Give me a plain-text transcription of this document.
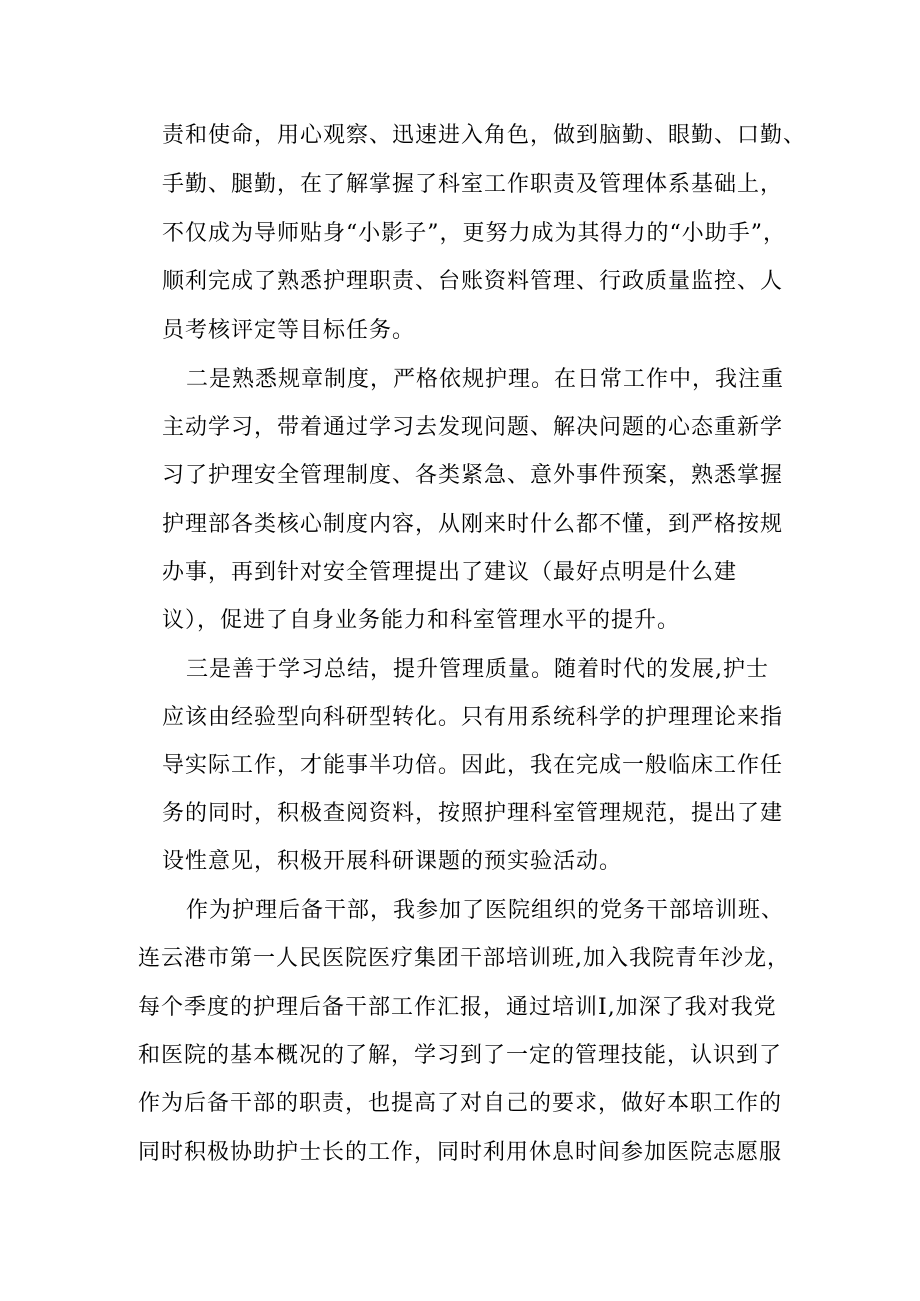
责和使命，用心观察、迅速进入角色，做到脑勤、眼勤、口勤、
手勤、腿勤，在了解掌握了科室工作职责及管理体系基础上，
不仅成为导师贴身“小影子”，更努力成为其得力的“小助手”，
顺利完成了熟悉护理职责、台账资料管理、行政质量监控、人
员考核评定等目标任务。
二是熟悉规章制度，严格依规护理。在日常工作中，我注重
主动学习，带着通过学习去发现问题、解决问题的心态重新学
习了护理安全管理制度、各类紧急、意外事件预案，熟悉掌握
护理部各类核心制度内容，从刚来时什么都不懂，到严格按规
办事，再到针对安全管理提出了建议（最好点明是什么建
议），促进了自身业务能力和科室管理水平的提升。
三是善于学习总结，提升管理质量。随着时代的发展,护士
应该由经验型向科研型转化。只有用系统科学的护理理论来指
导实际工作，才能事半功倍。因此，我在完成一般临床工作任
务的同时，积极查阅资料，按照护理科室管理规范，提出了建
设性意见，积极开展科研课题的预实验活动。
作为护理后备干部，我参加了医院组织的党务干部培训班、
连云港市第一人民医院医疗集团干部培训班,加入我院青年沙龙，
每个季度的护理后备干部工作汇报，通过培训I,加深了我对我党
和医院的基本概况的了解，学习到了一定的管理技能，认识到了
作为后备干部的职责，也提高了对自己的要求，做好本职工作的
同时积极协助护士长的工作，同时利用休息时间参加医院志愿服
